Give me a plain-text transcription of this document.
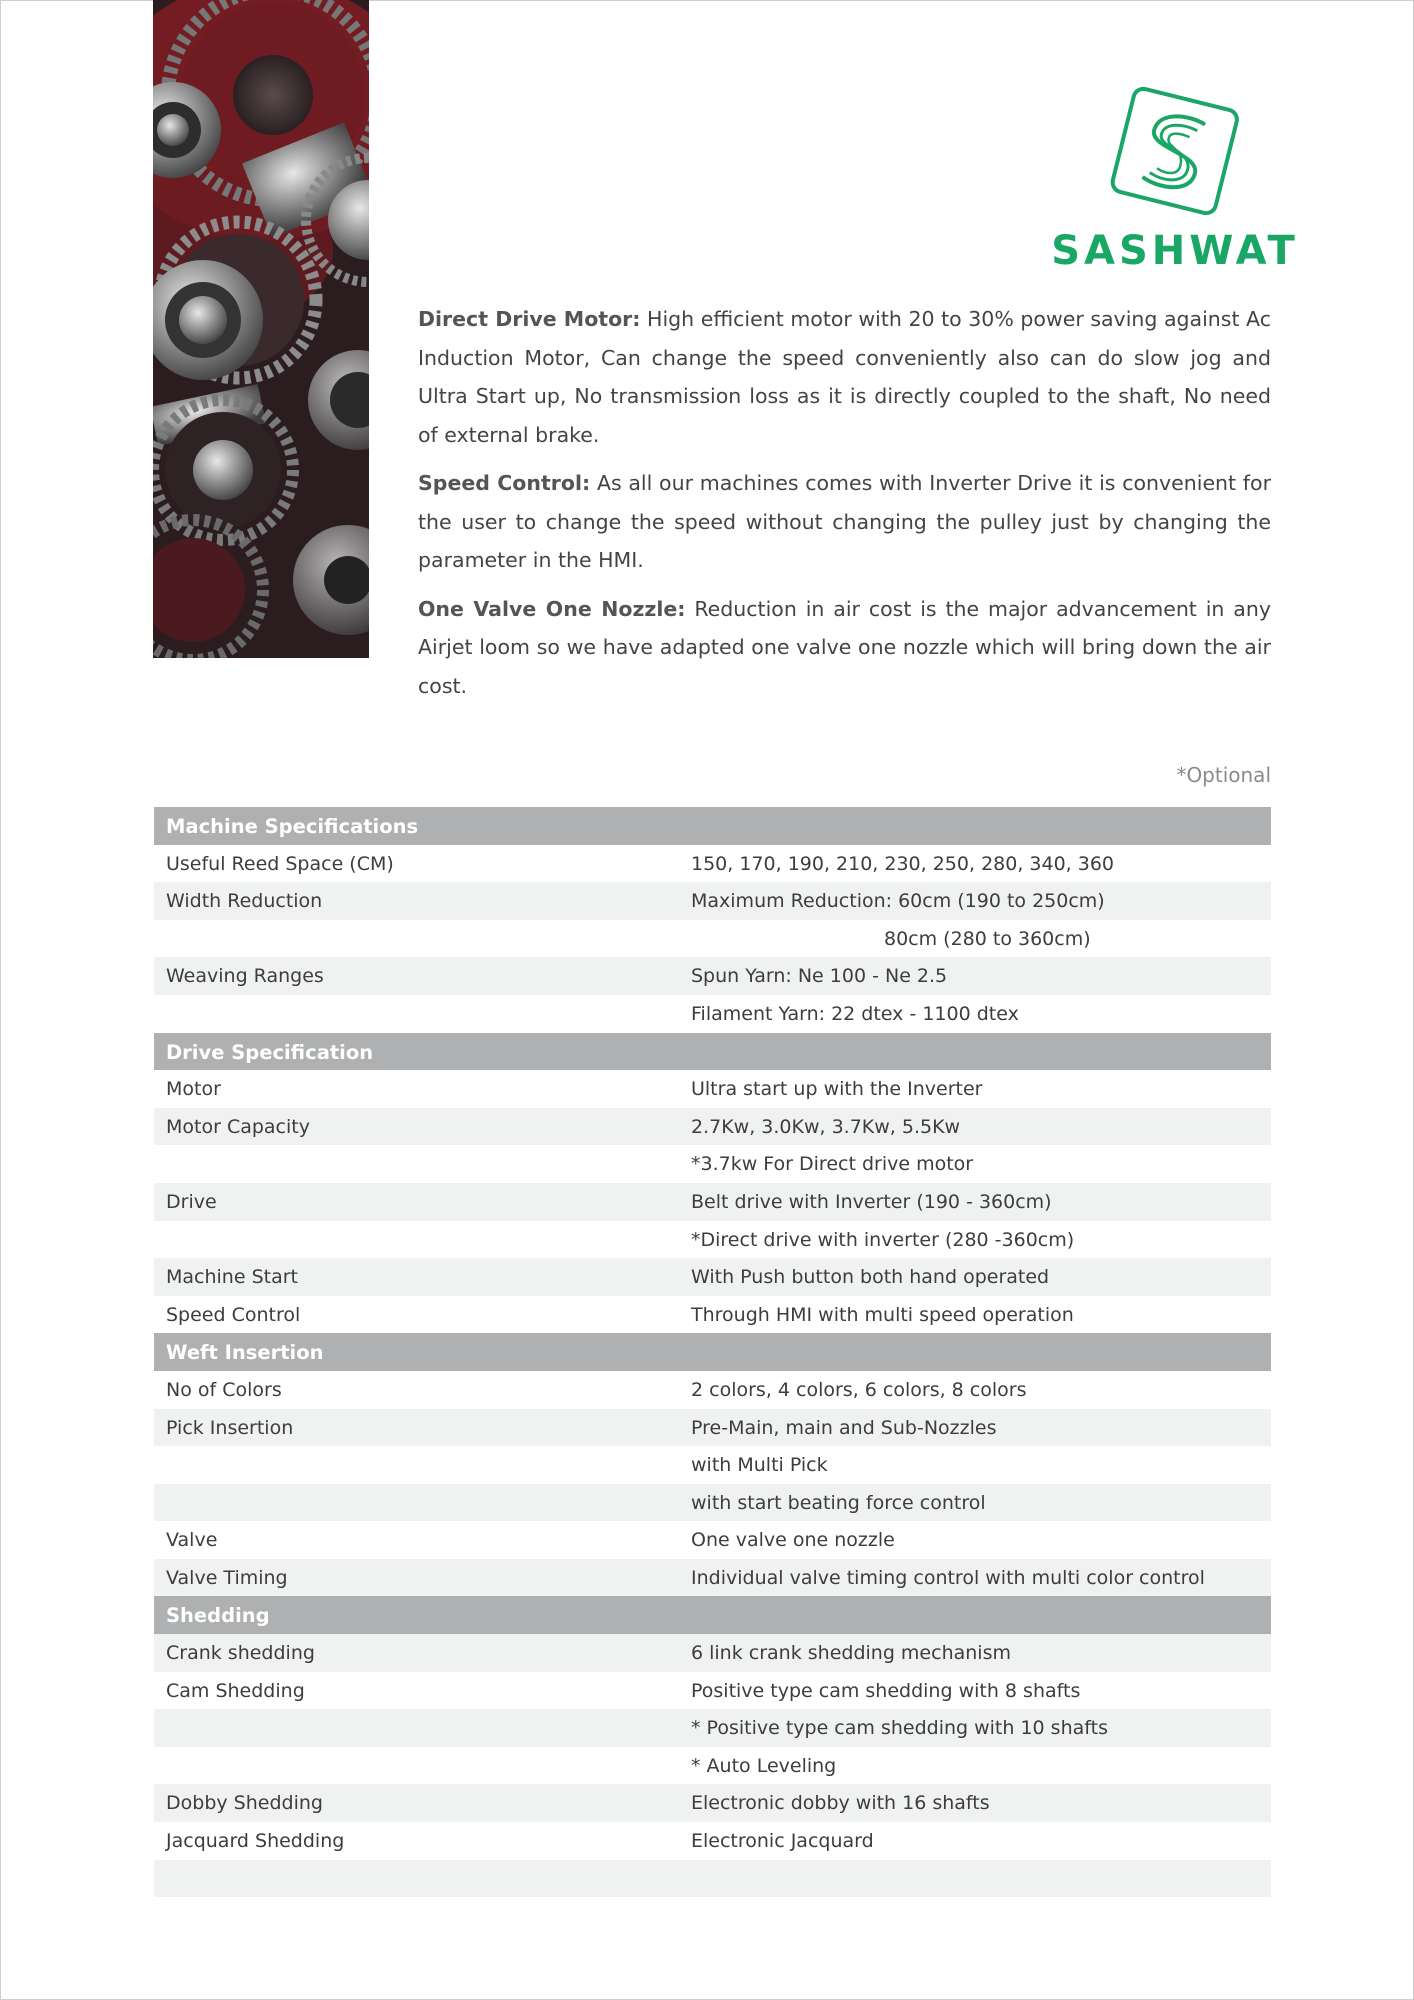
SASHWAT

Direct Drive Motor: High efficient motor with 20 to 30% power saving against Ac Induction Motor, Can change the speed conveniently also can do slow jog and Ultra Start up, No transmission loss as it is directly coupled to the shaft, No need of external brake.

Speed Control: As all our machines comes with Inverter Drive it is convenient for the user to change the speed without changing the pulley just by changing the parameter in the HMI.

One Valve One Nozzle: Reduction in air cost is the major advancement in any Airjet loom so we have adapted one valve one nozzle which will bring down the air cost.

*Optional
Machine Specifications
Useful Reed Space (CM)	150, 170, 190, 210, 230, 250, 280, 340, 360
Width Reduction	Maximum Reduction: 60cm (190 to 250cm)
80cm (280 to 360cm)
Weaving Ranges	Spun Yarn: Ne 100 - Ne 2.5
Filament Yarn: 22 dtex - 1100 dtex
Drive Specification
Motor	Ultra start up with the Inverter
Motor Capacity	2.7Kw, 3.0Kw, 3.7Kw, 5.5Kw
*3.7kw For Direct drive motor
Drive	Belt drive with Inverter (190 - 360cm)
*Direct drive with inverter (280 -360cm)
Machine Start	With Push button both hand operated
Speed Control	Through HMI with multi speed operation
Weft Insertion
No of Colors	2 colors, 4 colors, 6 colors, 8 colors
Pick Insertion	Pre-Main, main and Sub-Nozzles
with Multi Pick
with start beating force control
Valve	One valve one nozzle
Valve Timing	Individual valve timing control with multi color control
Shedding
Crank shedding	6 link crank shedding mechanism
Cam Shedding	Positive type cam shedding with 8 shafts
* Positive type cam shedding with 10 shafts
* Auto Leveling
Dobby Shedding	Electronic dobby with 16 shafts
Jacquard Shedding	Electronic Jacquard
